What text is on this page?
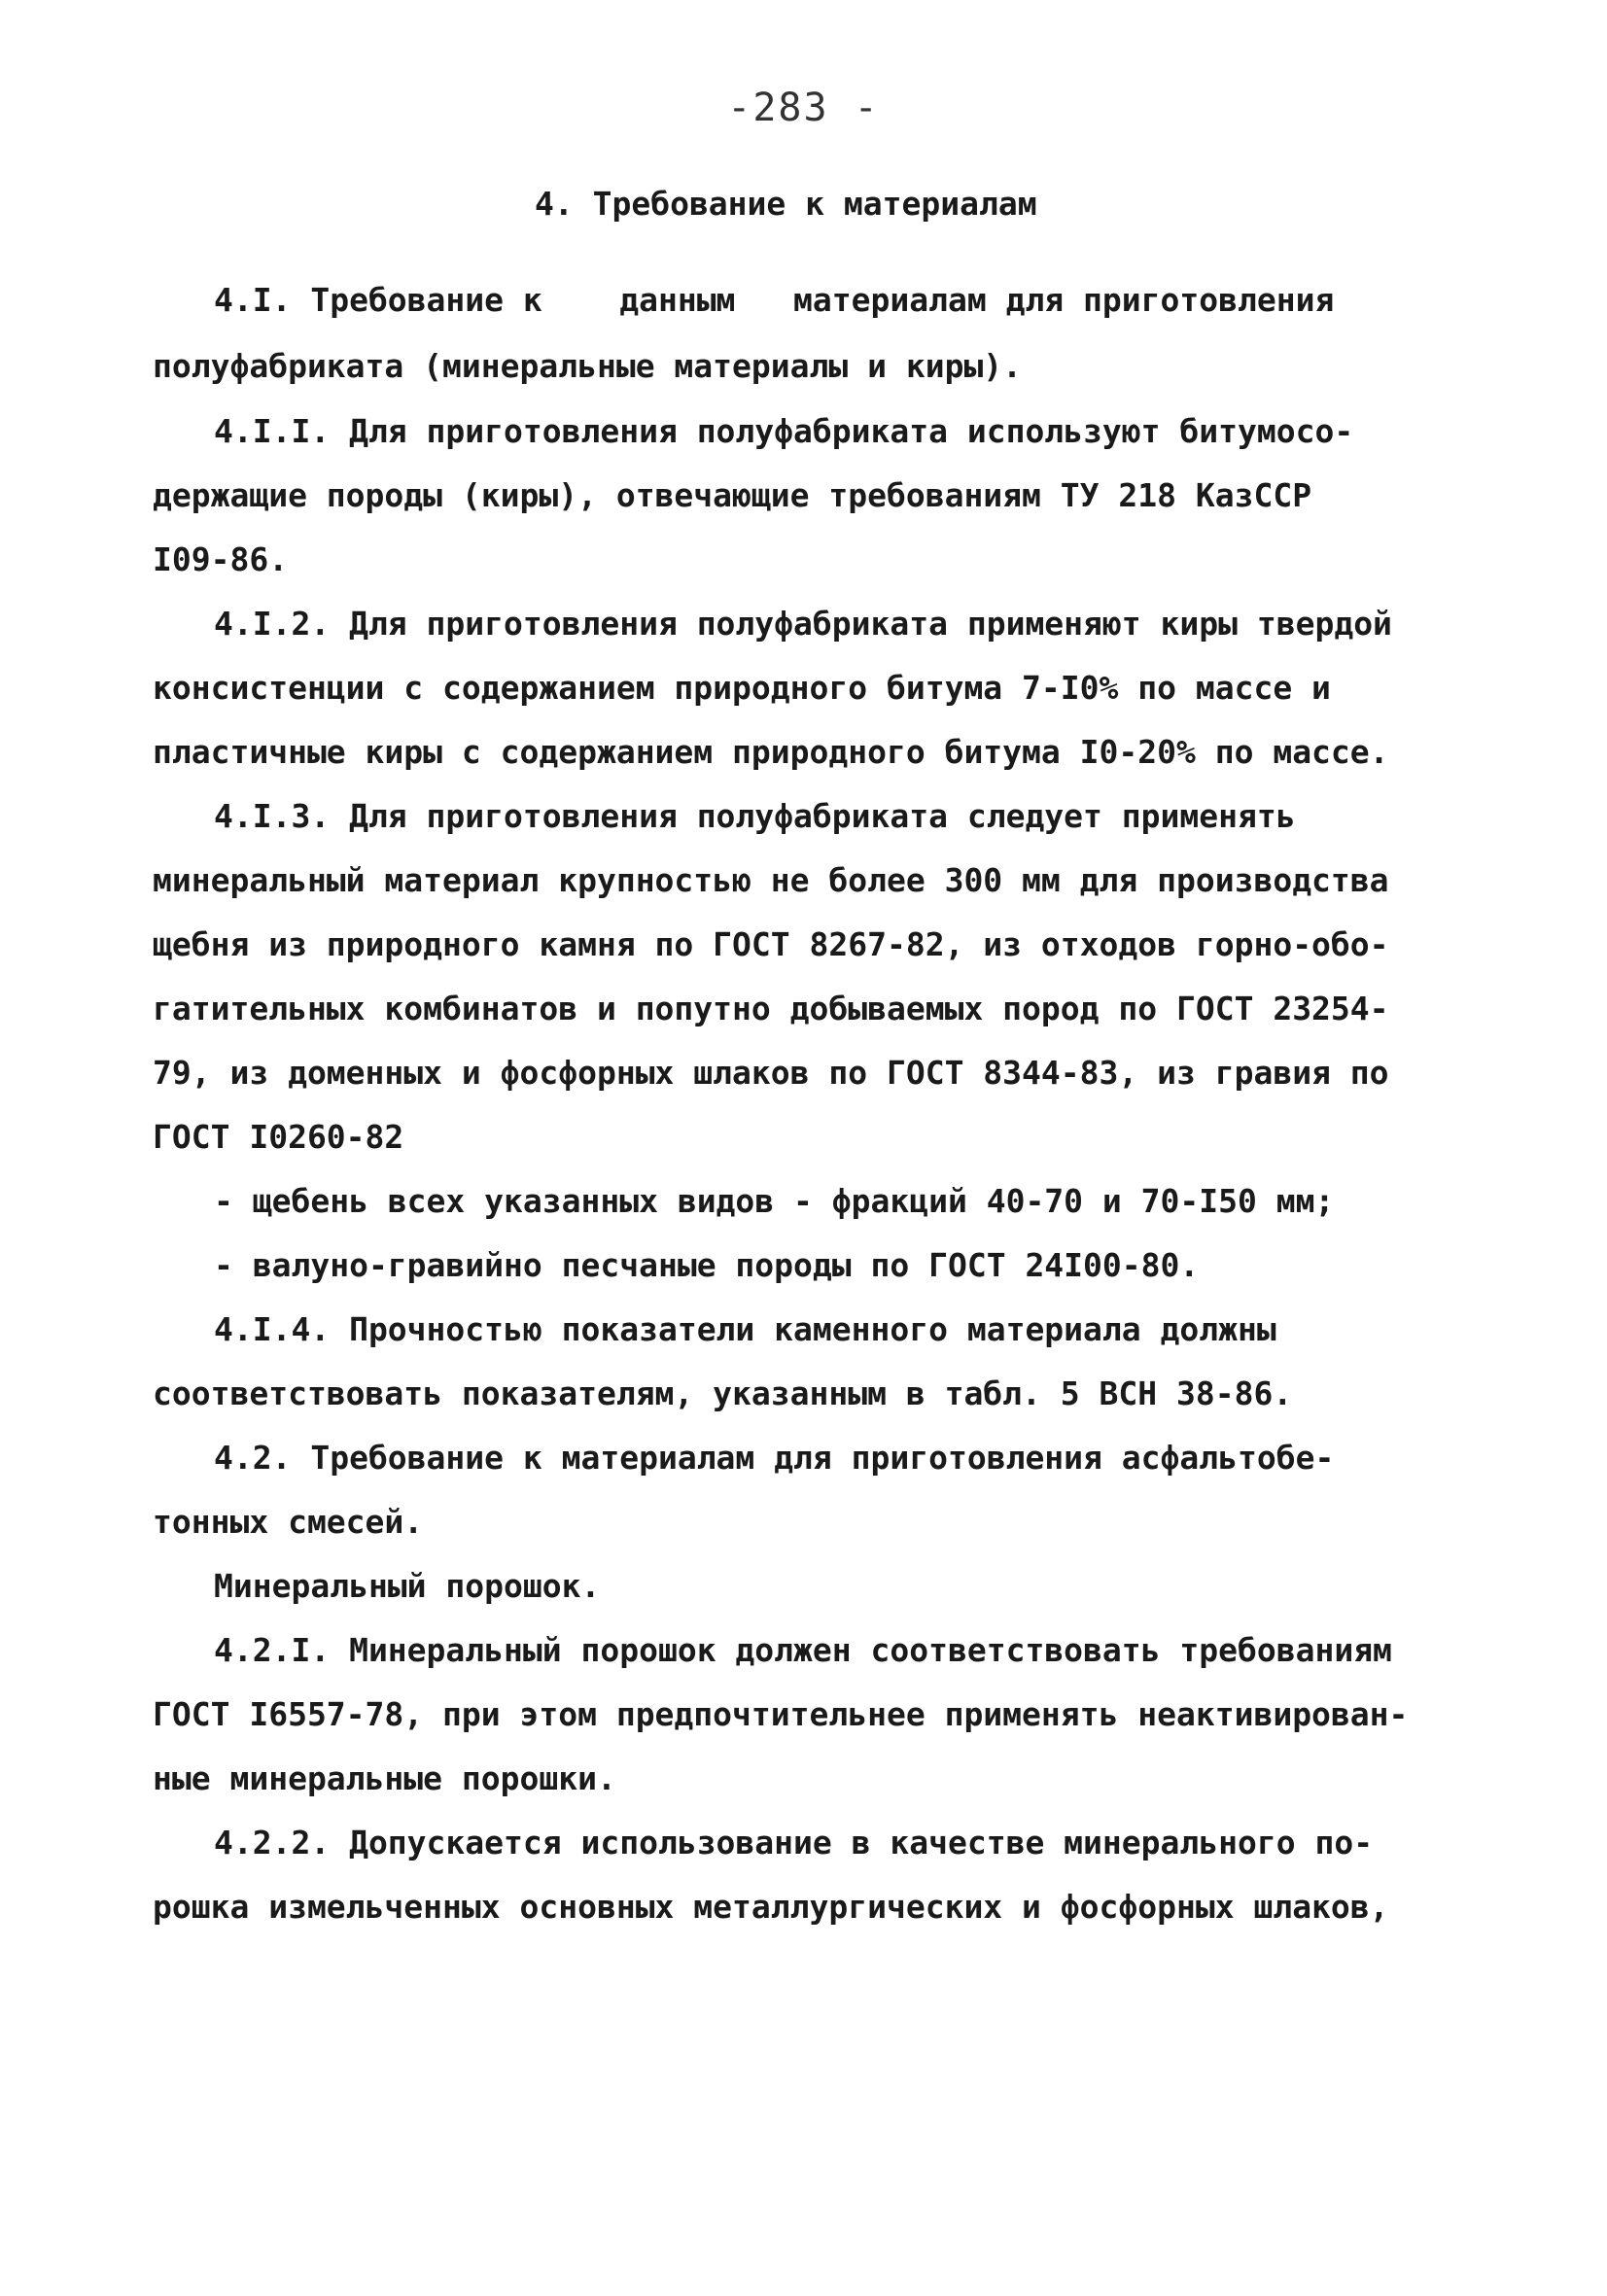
-283 -
4. Требование к материалам
4.I. Требование к    данным   материалам для приготовления
полуфабриката (минеральные материалы и киры).
4.I.I. Для приготовления полуфабриката используют битумосо-
держащие породы (киры), отвечающие требованиям ТУ 218 КазССР
I09-86.
4.I.2. Для приготовления полуфабриката применяют киры твердой
консистенции с содержанием природного битума 7-I0% по массе и
пластичные киры с содержанием природного битума I0-20% по массе.
4.I.3. Для приготовления полуфабриката следует применять
минеральный материал крупностью не более 300 мм для производства
щебня из природного камня по ГОСТ 8267-82, из отходов горно-обо-
гатительных комбинатов и попутно добываемых пород по ГОСТ 23254-
79, из доменных и фосфорных шлаков по ГОСТ 8344-83, из гравия по
ГОСТ I0260-82
- щебень всех указанных видов - фракций 40-70 и 70-I50 мм;
- валуно-гравийно песчаные породы по ГОСТ 24I00-80.
4.I.4. Прочностью показатели каменного материала должны
соответствовать показателям, указанным в табл. 5 ВСН 38-86.
4.2. Требование к материалам для приготовления асфальтобе-
тонных смесей.
Минеральный порошок.
4.2.I. Минеральный порошок должен соответствовать требованиям
ГОСТ I6557-78, при этом предпочтительнее применять неактивирован-
ные минеральные порошки.
4.2.2. Допускается использование в качестве минерального по-
рошка измельченных основных металлургических и фосфорных шлаков,
